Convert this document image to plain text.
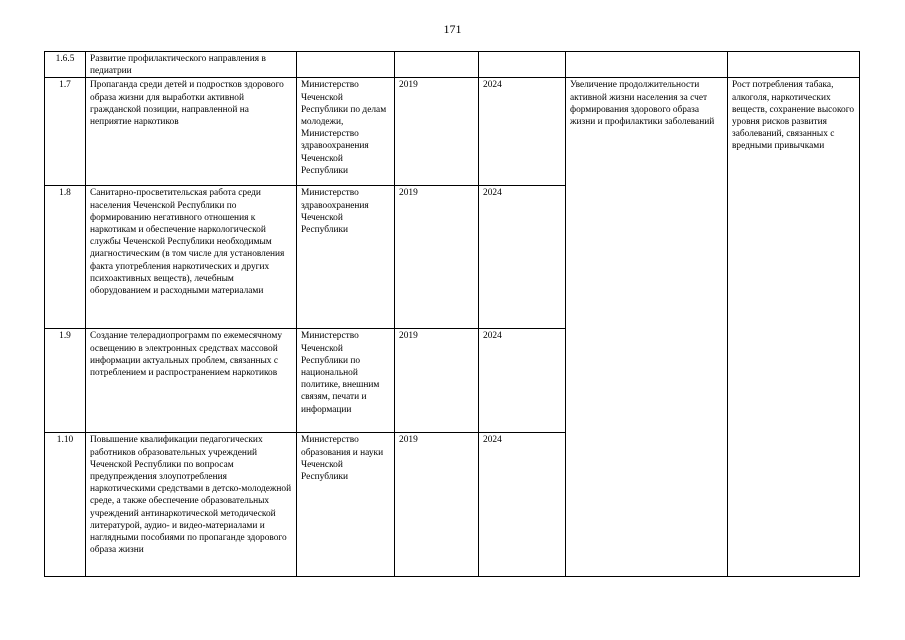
171
1.6.5	Развитие профилактического направления в педиатрии					
1.7	Пропаганда среди детей и подростков здорового образа жизни для выработки активной гражданской позиции, направленной на неприятие наркотиков	Министерство Чеченской Республики по делам молодежи, Министерство здравоохранения Чеченской Республики	2019	2024	Увеличение продолжительности активной жизни населения за счет формирования здорового образа жизни и профилактики заболеваний	Рост потребления табака, алкоголя, наркотических веществ, сохранение высокого уровня рисков развития заболеваний, связанных с вредными привычками
1.8	Санитарно-просветительская работа среди населения Чеченской Республики по формированию негативного отношения к наркотикам и обеспечение наркологической службы Чеченской Республики необходимым диагностическим (в том числе для установления факта употребления наркотических и других психоактивных веществ), лечебным оборудованием и расходными материалами	Министерство здравоохранения Чеченской Республики	2019	2024		
1.9	Создание телерадиопрограмм по ежемесячному освещению в электронных средствах массовой информации актуальных проблем, связанных с потреблением и распространением наркотиков	Министерство Чеченской Республики по национальной политике, внешним связям, печати и информации	2019	2024		
1.10	Повышение квалификации педагогических работников образовательных учреждений Чеченской Республики по вопросам предупреждения злоупотребления наркотическими средствами в детско-молодежной среде, а также обеспечение образовательных учреждений антинаркотической методической литературой, аудио- и видео-материалами и наглядными пособиями по пропаганде здорового образа жизни	Министерство образования и науки Чеченской Республики	2019	2024		
